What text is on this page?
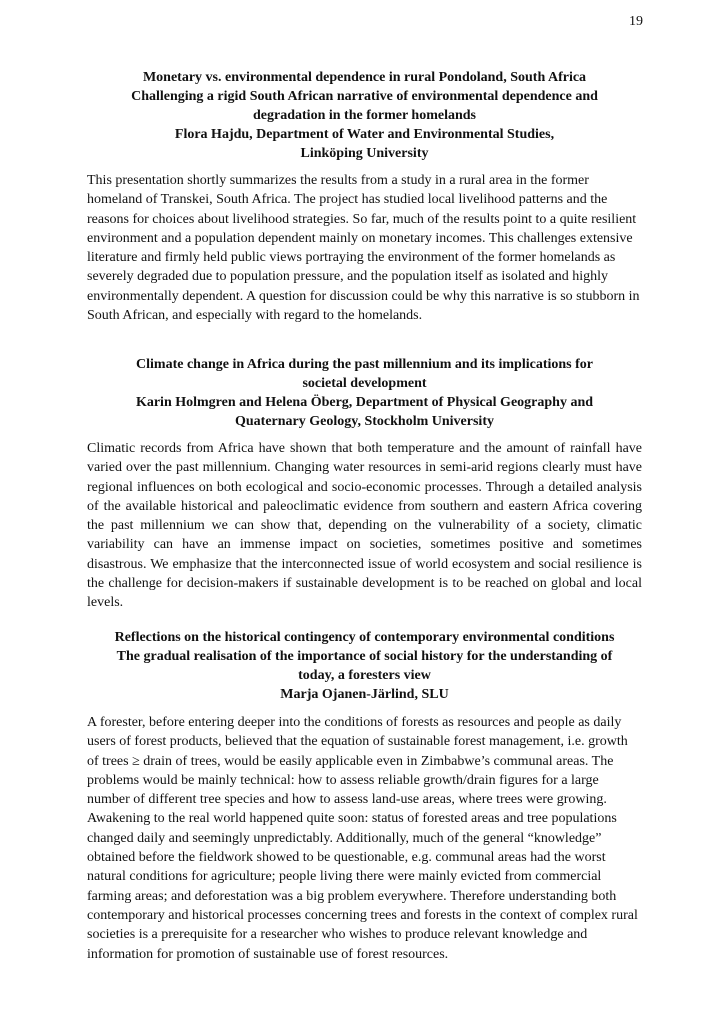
19

Monetary vs. environmental dependence in rural Pondoland, South Africa

Challenging a rigid South African narrative of environmental dependence and degradation in the former homelands

Flora Hajdu, Department of Water and Environmental Studies, Linköping University

This presentation shortly summarizes the results from a study in a rural area in the former homeland of Transkei, South Africa. The project has studied local livelihood patterns and the reasons for choices about livelihood strategies. So far, much of the results point to a quite resilient environment and a population dependent mainly on monetary incomes. This challenges extensive literature and firmly held public views portraying the environment of the former homelands as severely degraded due to population pressure, and the population itself as isolated and highly environmentally dependent. A question for discussion could be why this narrative is so stubborn in South African, and especially with regard to the homelands.

Climate change in Africa during the past millennium and its implications for societal development

Karin Holmgren and Helena Öberg, Department of Physical Geography and Quaternary Geology, Stockholm University

Climatic records from Africa have shown that both temperature and the amount of rainfall have varied over the past millennium. Changing water resources in semi-arid regions clearly must have regional influences on both ecological and socio-economic processes. Through a detailed analysis of the available historical and paleoclimatic evidence from southern and eastern Africa covering the past millennium we can show that, depending on the vulnerability of a society, climatic variability can have an immense impact on societies, sometimes positive and sometimes disastrous. We emphasize that the interconnected issue of world ecosystem and social resilience is the challenge for decision-makers if sustainable development is to be reached on global and local levels.

Reflections on the historical contingency of contemporary environmental conditions

The gradual realisation of the importance of social history for the understanding of today, a foresters view

Marja Ojanen-Järlind, SLU

A forester, before entering deeper into the conditions of forests as resources and people as daily users of forest products, believed that the equation of sustainable forest management, i.e. growth of trees ≥ drain of trees, would be easily applicable even in Zimbabwe’s communal areas. The problems would be mainly technical: how to assess reliable growth/drain figures for a large number of different tree species and how to assess land-use areas, where trees were growing. Awakening to the real world happened quite soon: status of forested areas and tree populations changed daily and seemingly unpredictably. Additionally, much of the general “knowledge” obtained before the fieldwork showed to be questionable, e.g. communal areas had the worst natural conditions for agriculture; people living there were mainly evicted from commercial farming areas; and deforestation was a big problem everywhere. Therefore understanding both contemporary and historical processes concerning trees and forests in the context of complex rural societies is a prerequisite for a researcher who wishes to produce relevant knowledge and information for promotion of sustainable use of forest resources.
